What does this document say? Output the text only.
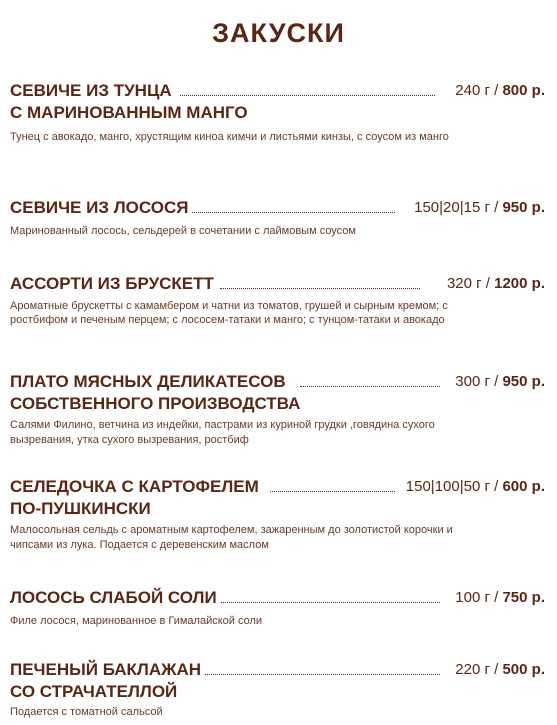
ЗАКУСКИ
СЕВИЧЕ ИЗ ТУНЦА	240 г / 800 р.
С МАРИНОВАННЫМ МАНГО
Тунец с авокадо, манго, хрустящим киноа кимчи и листьями кинзы, с соусом из манго
СЕВИЧЕ ИЗ ЛОСОСЯ	150|20|15 г / 950 р.
Маринованный лосось, сельдерей в сочетании с лаймовым соусом
АССОРТИ ИЗ БРУСКЕТТ	320 г / 1200 р.
Ароматные брускетты с камамбером и чатни из томатов, грушей и сырным кремом; с ростбифом и печеным перцем; с лососем-татаки и манго; с тунцом-татаки и авокадо
ПЛАТО МЯСНЫХ ДЕЛИКАТЕСОВ	300 г / 950 р.
СОБСТВЕННОГО ПРОИЗВОДСТВА
Салями Филино, ветчина из индейки, пастрами из куриной грудки ,говядина сухого вызревания, утка сухого вызревания, ростбиф
СЕЛЕДОЧКА С КАРТОФЕЛЕМ	150|100|50 г / 600 р.
ПО-ПУШКИНСКИ
Малосольная сельдь с ароматным картофелем, зажаренным до золотистой корочки и чипсами из лука. Подается с деревенским маслом
ЛОСОСЬ СЛАБОЙ СОЛИ	100 г / 750 р.
Филе лосося, маринованное в Гималайской соли
ПЕЧЕНЫЙ БАКЛАЖАН	220 г / 500 р.
СО СТРАЧАТЕЛЛОЙ
Подается с томатной сальсой
